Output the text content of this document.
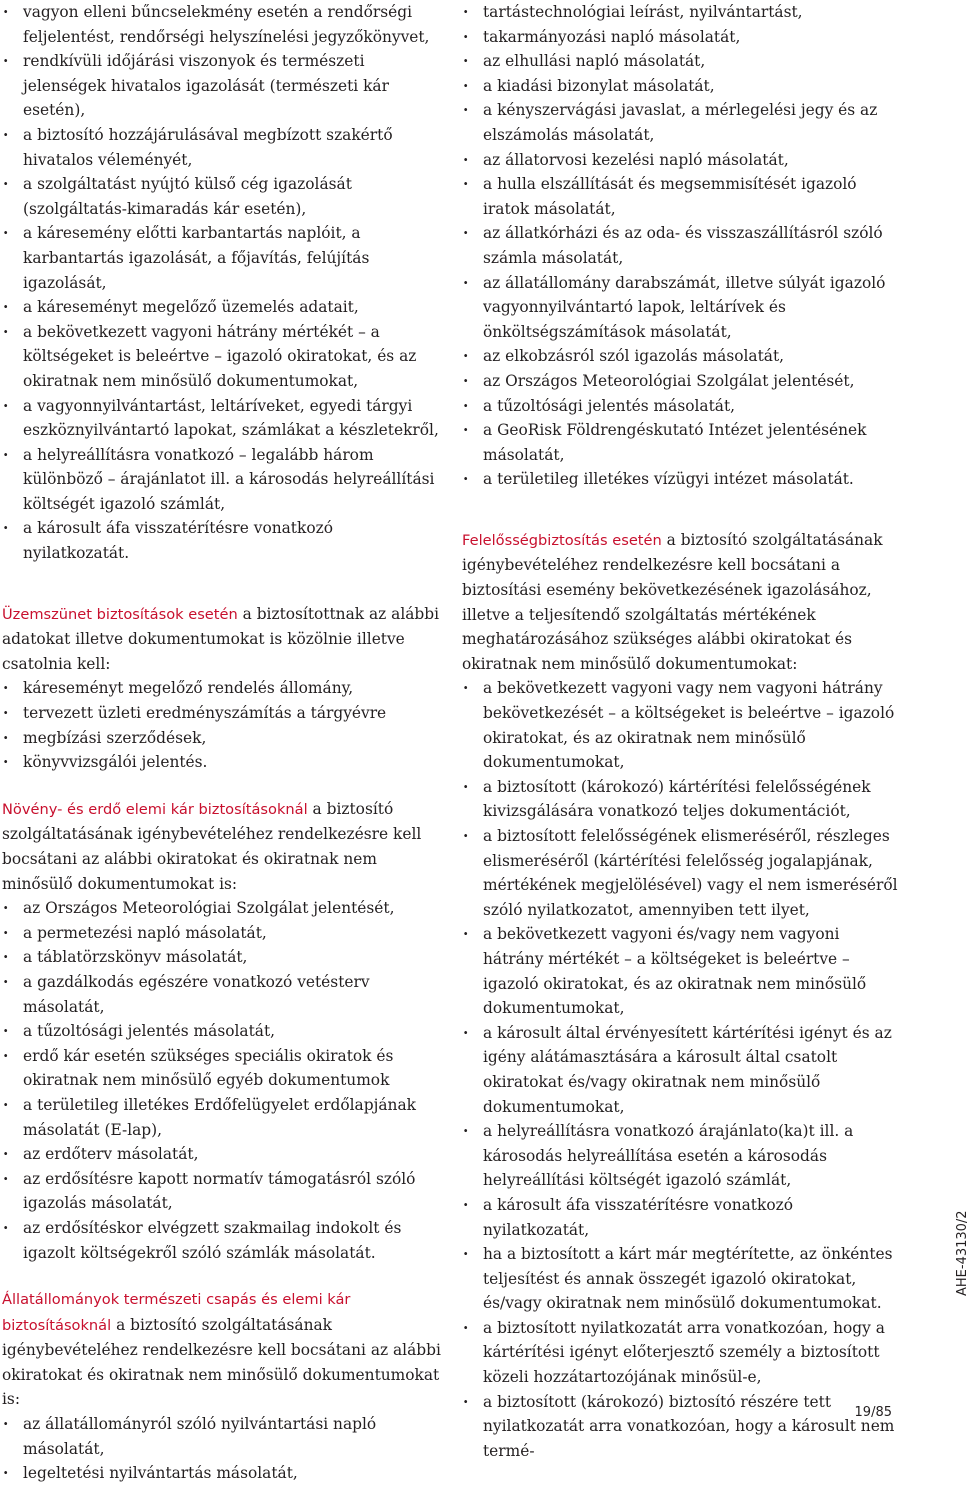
· vagyon elleni bűncselekmény esetén a rendőrségi feljelentést, rendőrségi helyszínelési jegyzőkönyvet,
· rendkívüli időjárási viszonyok és természeti jelenségek hivatalos igazolását (természeti kár esetén),
· a biztosító hozzájárulásával megbízott szakértő hivatalos véleményét,
· a szolgáltatást nyújtó külső cég igazolását (szolgáltatás-kimaradás kár esetén),
· a káresemény előtti karbantartás naplóit, a karbantartás igazolását, a főjavítás, felújítás igazolását,
· a káreseményt megelőző üzemelés adatait,
· a bekövetkezett vagyoni hátrány mértékét – a költségeket is beleértve – igazoló okiratokat, és az okiratnak nem minősülő dokumentumokat,
· a vagyonnyilvántartást, leltáríveket, egyedi tárgyi eszköznyilvántartó lapokat, számlákat a készletekről,
· a helyreállításra vonatkozó – legalább három különböző – árajánlatot ill. a károsodás helyreállítási költségét igazoló számlát,
· a károsult áfa visszatérítésre vonatkozó nyilatkozatát.

Üzemszünet biztosítások esetén a biztosítottnak az alábbi adatokat illetve dokumentumokat is közölnie illetve csatolnia kell:

· káreseményt megelőző rendelés állomány,
· tervezett üzleti eredményszámítás a tárgyévre
· megbízási szerződések,
· könyvvizsgálói jelentés.

Növény- és erdő elemi kár biztosításoknál a biztosító szolgáltatásának igénybevételéhez rendelkezésre kell bocsátani az alábbi okiratokat és okiratnak nem minősülő dokumentumokat is:

· az Országos Meteorológiai Szolgálat jelentését,
· a permetezési napló másolatát,
· a táblatörzskönyv másolatát,
· a gazdálkodás egészére vonatkozó vetésterv másolatát,
· a tűzoltósági jelentés másolatát,
· erdő kár esetén szükséges speciális okiratok és okiratnak nem minősülő egyéb dokumentumok
· a területileg illetékes Erdőfelügyelet erdőlapjának másolatát (E-lap),
· az erdőterv másolatát,
· az erdősítésre kapott normatív támogatásról szóló igazolás másolatát,
· az erdősítéskor elvégzett szakmailag indokolt és igazolt költségekről szóló számlák másolatát.

Állatállományok természeti csapás és elemi kár biztosításoknál a biztosító szolgáltatásának igénybevételéhez rendelkezésre kell bocsátani az alábbi okiratokat és okiratnak nem minősülő dokumentumokat is:

· az állatállományról szóló nyilvántartási napló másolatát,
· legeltetési nyilvántartás másolatát,
· tartástechnológiai leírást, nyilvántartást,
· takarmányozási napló másolatát,
· az elhullási napló másolatát,
· a kiadási bizonylat másolatát,
· a kényszervágási javaslat, a mérlegelési jegy és az elszámolás másolatát,
· az állatorvosi kezelési napló másolatát,
· a hulla elszállítását és megsemmisítését igazoló iratok másolatát,
· az állatkórházi és az oda- és visszaszállításról szóló számla másolatát,
· az állatállomány darabszámát, illetve súlyát igazoló vagyonnyilvántartó lapok, leltárívek és önköltségszámítások másolatát,
· az elkobzásról szól igazolás másolatát,
· az Országos Meteorológiai Szolgálat jelentését,
· a tűzoltósági jelentés másolatát,
· a GeoRisk Földrengéskutató Intézet jelentésének másolatát,
· a területileg illetékes vízügyi intézet másolatát.

Felelősségbiztosítás esetén a biztosító szolgáltatásának igénybevételéhez rendelkezésre kell bocsátani a biztosítási esemény bekövetkezésének igazolásához, illetve a teljesítendő szolgáltatás mértékének meghatározásához szükséges alábbi okiratokat és okiratnak nem minősülő dokumentumokat:

· a bekövetkezett vagyoni vagy nem vagyoni hátrány bekövetkezését – a költségeket is beleértve – igazoló okiratokat, és az okiratnak nem minősülő dokumentumokat,
· a biztosított (károkozó) kártérítési felelősségének kivizsgálására vonatkozó teljes dokumentációt,
· a biztosított felelősségének elismeréséről, részleges elismeréséről (kártérítési felelősség jogalapjának, mértékének megjelölésével) vagy el nem ismeréséről szóló nyilatkozatot, amennyiben tett ilyet,
· a bekövetkezett vagyoni és/vagy nem vagyoni hátrány mértékét – a költségeket is beleértve – igazoló okiratokat, és az okiratnak nem minősülő dokumentumokat,
· a károsult által érvényesített kártérítési igényt és az igény alátámasztására a károsult által csatolt okiratokat és/vagy okiratnak nem minősülő dokumentumokat,
· a helyreállításra vonatkozó árajánlato(ka)t ill. a károsodás helyreállítása esetén a károsodás helyreállítási költségét igazoló számlát,
· a károsult áfa visszatérítésre vonatkozó nyilatkozatát,
· ha a biztosított a kárt már megtérítette, az önkéntes teljesítést és annak összegét igazoló okiratokat, és/vagy okiratnak nem minősülő dokumentumokat.
· a biztosított nyilatkozatát arra vonatkozóan, hogy a kártérítési igényt előterjesztő személy a biztosított közeli hozzátartozójának minősül-e,
· a biztosított (károkozó) biztosító részére tett nyilatkozatát arra vonatkozóan, hogy a károsult nem termé-
AHE-43130/2
19/85
